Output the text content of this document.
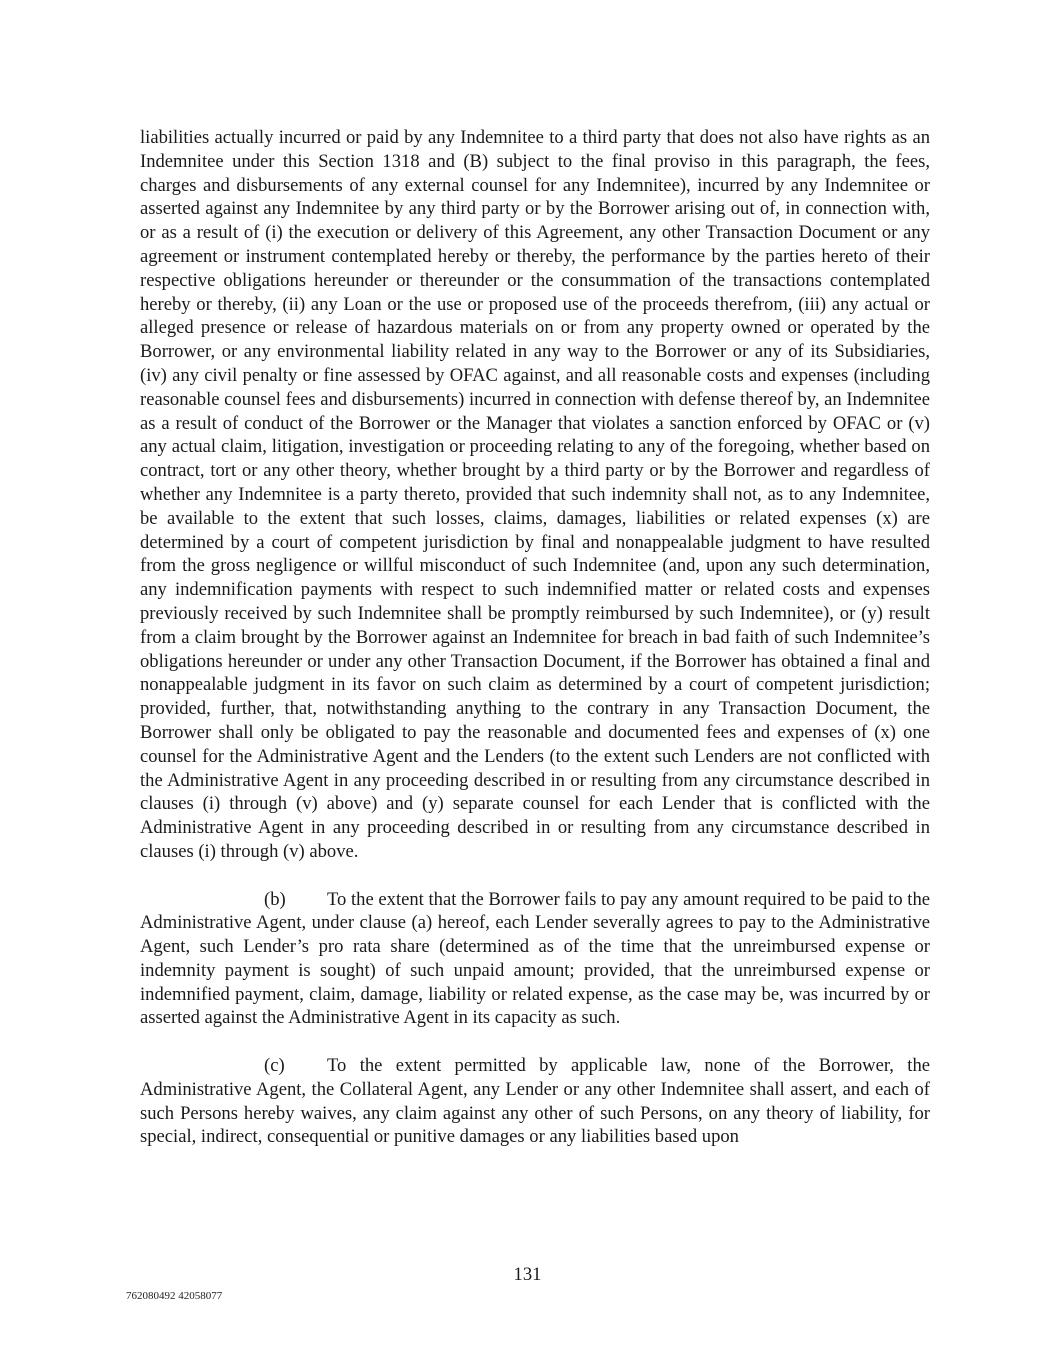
liabilities actually incurred or paid by any Indemnitee to a third party that does not also have rights as an Indemnitee under this Section 1318 and (B) subject to the final proviso in this paragraph, the fees, charges and disbursements of any external counsel for any Indemnitee), incurred by any Indemnitee or asserted against any Indemnitee by any third party or by the Borrower arising out of, in connection with, or as a result of (i) the execution or delivery of this Agreement, any other Transaction Document or any agreement or instrument contemplated hereby or thereby, the performance by the parties hereto of their respective obligations hereunder or thereunder or the consummation of the transactions contemplated hereby or thereby, (ii) any Loan or the use or proposed use of the proceeds therefrom, (iii) any actual or alleged presence or release of hazardous materials on or from any property owned or operated by the Borrower, or any environmental liability related in any way to the Borrower or any of its Subsidiaries, (iv) any civil penalty or fine assessed by OFAC against, and all reasonable costs and expenses (including reasonable counsel fees and disbursements) incurred in connection with defense thereof by, an Indemnitee as a result of conduct of the Borrower or the Manager that violates a sanction enforced by OFAC or (v) any actual claim, litigation, investigation or proceeding relating to any of the foregoing, whether based on contract, tort or any other theory, whether brought by a third party or by the Borrower and regardless of whether any Indemnitee is a party thereto, provided that such indemnity shall not, as to any Indemnitee, be available to the extent that such losses, claims, damages, liabilities or related expenses (x) are determined by a court of competent jurisdiction by final and nonappealable judgment to have resulted from the gross negligence or willful misconduct of such Indemnitee (and, upon any such determination, any indemnification payments with respect to such indemnified matter or related costs and expenses previously received by such Indemnitee shall be promptly reimbursed by such Indemnitee), or (y) result from a claim brought by the Borrower against an Indemnitee for breach in bad faith of such Indemnitee’s obligations hereunder or under any other Transaction Document, if the Borrower has obtained a final and nonappealable judgment in its favor on such claim as determined by a court of competent jurisdiction; provided, further, that, notwithstanding anything to the contrary in any Transaction Document, the Borrower shall only be obligated to pay the reasonable and documented fees and expenses of (x) one counsel for the Administrative Agent and the Lenders (to the extent such Lenders are not conflicted with the Administrative Agent in any proceeding described in or resulting from any circumstance described in clauses (i) through (v) above) and (y) separate counsel for each Lender that is conflicted with the Administrative Agent in any proceeding described in or resulting from any circumstance described in clauses (i) through (v) above.

(b) To the extent that the Borrower fails to pay any amount required to be paid to the Administrative Agent, under clause (a) hereof, each Lender severally agrees to pay to the Administrative Agent, such Lender’s pro rata share (determined as of the time that the unreimbursed expense or indemnity payment is sought) of such unpaid amount; provided, that the unreimbursed expense or indemnified payment, claim, damage, liability or related expense, as the case may be, was incurred by or asserted against the Administrative Agent in its capacity as such.

(c) To the extent permitted by applicable law, none of the Borrower, the Administrative Agent, the Collateral Agent, any Lender or any other Indemnitee shall assert, and each of such Persons hereby waives, any claim against any other of such Persons, on any theory of liability, for special, indirect, consequential or punitive damages or any liabilities based upon

131
762080492 42058077
